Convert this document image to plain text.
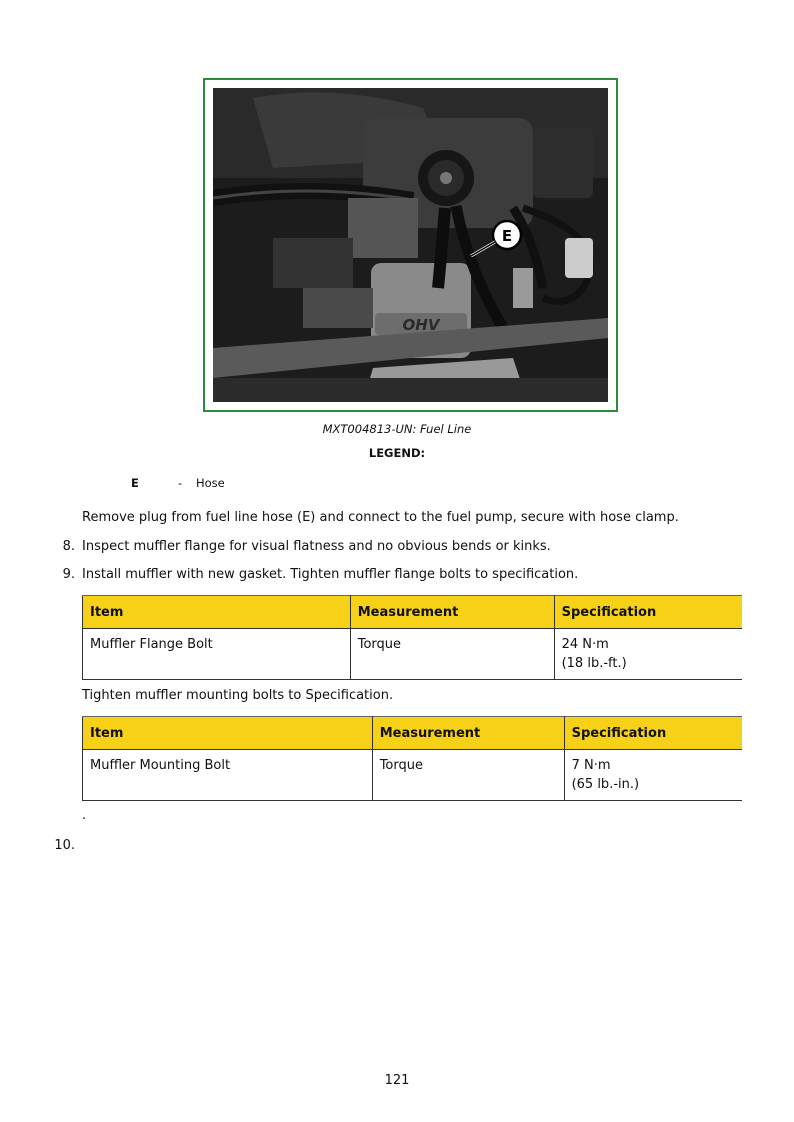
OHV
E
MXT004813-UN: Fuel Line
LEGEND:
E	- Hose
Remove plug from fuel line hose (E) and connect to the fuel pump, secure with hose clamp.
8. Inspect muffler flange for visual flatness and no obvious bends or kinks.
9. Install muffler with new gasket. Tighten muffler flange bolts to specification.
Item	Measurement	Specification
Muffler Flange Bolt	Torque	24 N·m
(18 lb.-ft.)
Tighten muffler mounting bolts to Specification.
Item	Measurement	Specification
Muffler Mounting Bolt	Torque	7 N·m
(65 lb.-in.)
.
10.
121
